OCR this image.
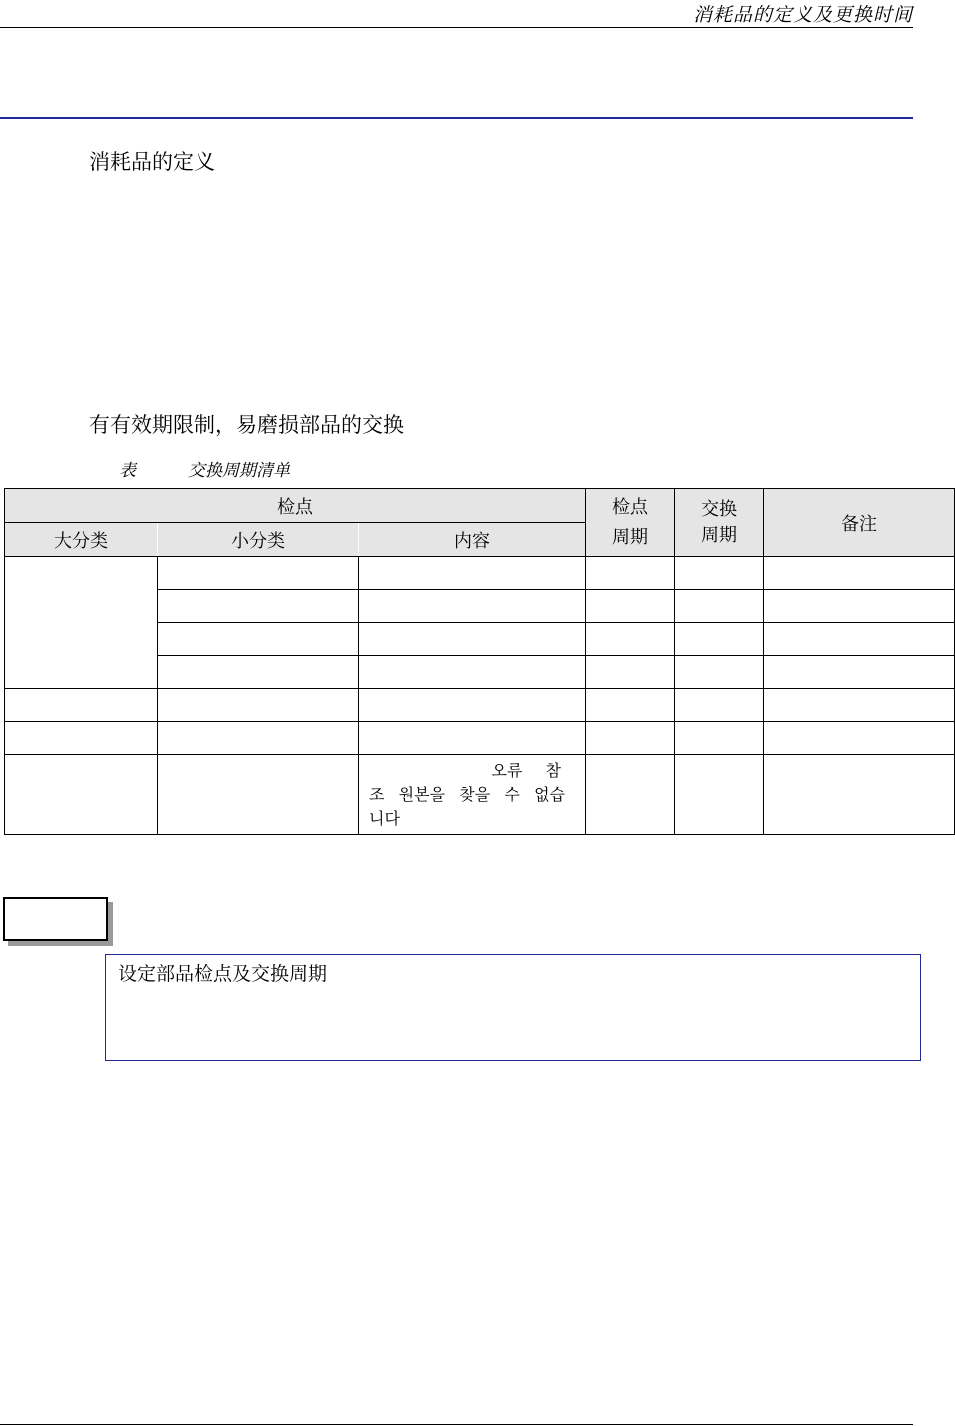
消耗品的定义及更换时间
消耗品的定义
有有效期限制，易磨损部品的交换
表	交换周期清单
检点			检点周期	交换周期	备注
大分类	小分类	内容			

		오류 참
조 원본을 찾을 수 없습
니다			

设定部品检点及交换周期
